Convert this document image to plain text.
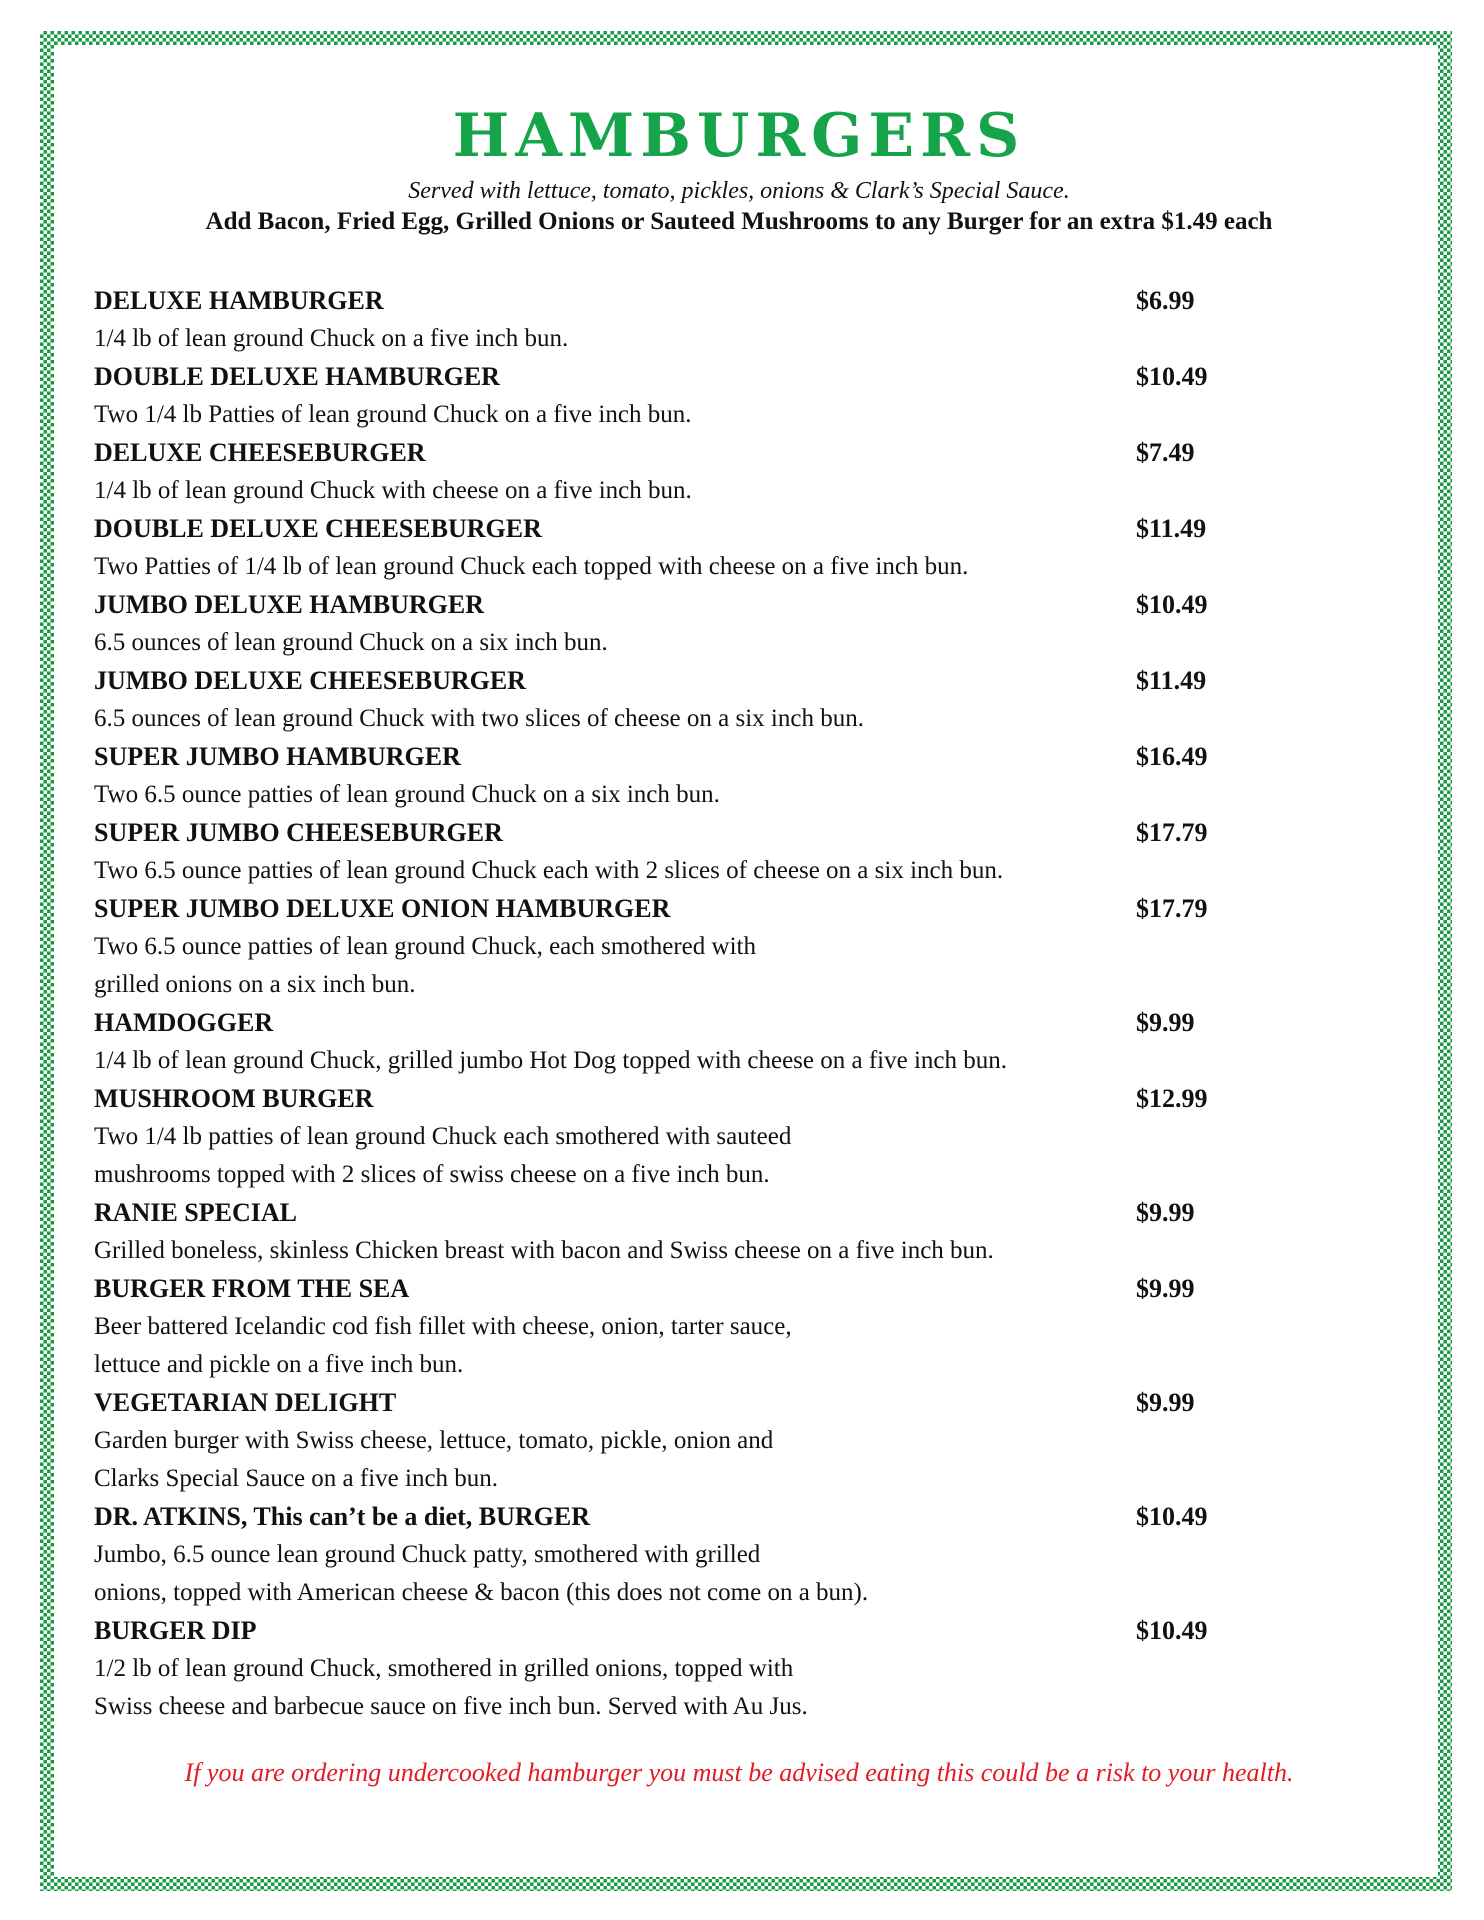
HAMBURGERS
Served with lettuce, tomato, pickles, onions & Clark’s Special Sauce.
Add Bacon, Fried Egg, Grilled Onions or Sauteed Mushrooms to any Burger for an extra $1.49 each
DELUXE HAMBURGER	$6.99
1/4 lb of lean ground Chuck on a five inch bun.
DOUBLE DELUXE HAMBURGER	$10.49
Two 1/4 lb Patties of lean ground Chuck on a five inch bun.
DELUXE CHEESEBURGER	$7.49
1/4 lb of lean ground Chuck with cheese on a five inch bun.
DOUBLE DELUXE CHEESEBURGER	$11.49
Two Patties of 1/4 lb of lean ground Chuck each topped with cheese on a five inch bun.
JUMBO DELUXE HAMBURGER	$10.49
6.5 ounces of lean ground Chuck on a six inch bun.
JUMBO DELUXE CHEESEBURGER	$11.49
6.5 ounces of lean ground Chuck with two slices of cheese on a six inch bun.
SUPER JUMBO HAMBURGER	$16.49
Two 6.5 ounce patties of lean ground Chuck on a six inch bun.
SUPER JUMBO CHEESEBURGER	$17.79
Two 6.5 ounce patties of lean ground Chuck each with 2 slices of cheese on a six inch bun.
SUPER JUMBO DELUXE ONION HAMBURGER	$17.79
Two 6.5 ounce patties of lean ground Chuck, each smothered with
grilled onions on a six inch bun.
HAMDOGGER	$9.99
1/4 lb of lean ground Chuck, grilled jumbo Hot Dog topped with cheese on a five inch bun.
MUSHROOM BURGER	$12.99
Two 1/4 lb patties of lean ground Chuck each smothered with sauteed
mushrooms topped with 2 slices of swiss cheese on a five inch bun.
RANIE SPECIAL	$9.99
Grilled boneless, skinless Chicken breast with bacon and Swiss cheese on a five inch bun.
BURGER FROM THE SEA	$9.99
Beer battered Icelandic cod fish fillet with cheese, onion, tarter sauce,
lettuce and pickle on a five inch bun.
VEGETARIAN DELIGHT	$9.99
Garden burger with Swiss cheese, lettuce, tomato, pickle, onion and
Clarks Special Sauce on a five inch bun.
DR. ATKINS, This can’t be a diet, BURGER	$10.49
Jumbo, 6.5 ounce lean ground Chuck patty, smothered with grilled
onions, topped with American cheese & bacon (this does not come on a bun).
BURGER DIP	$10.49
1/2 lb of lean ground Chuck, smothered in grilled onions, topped with
Swiss cheese and barbecue sauce on five inch bun. Served with Au Jus.
If you are ordering undercooked hamburger you must be advised eating this could be a risk to your health.
